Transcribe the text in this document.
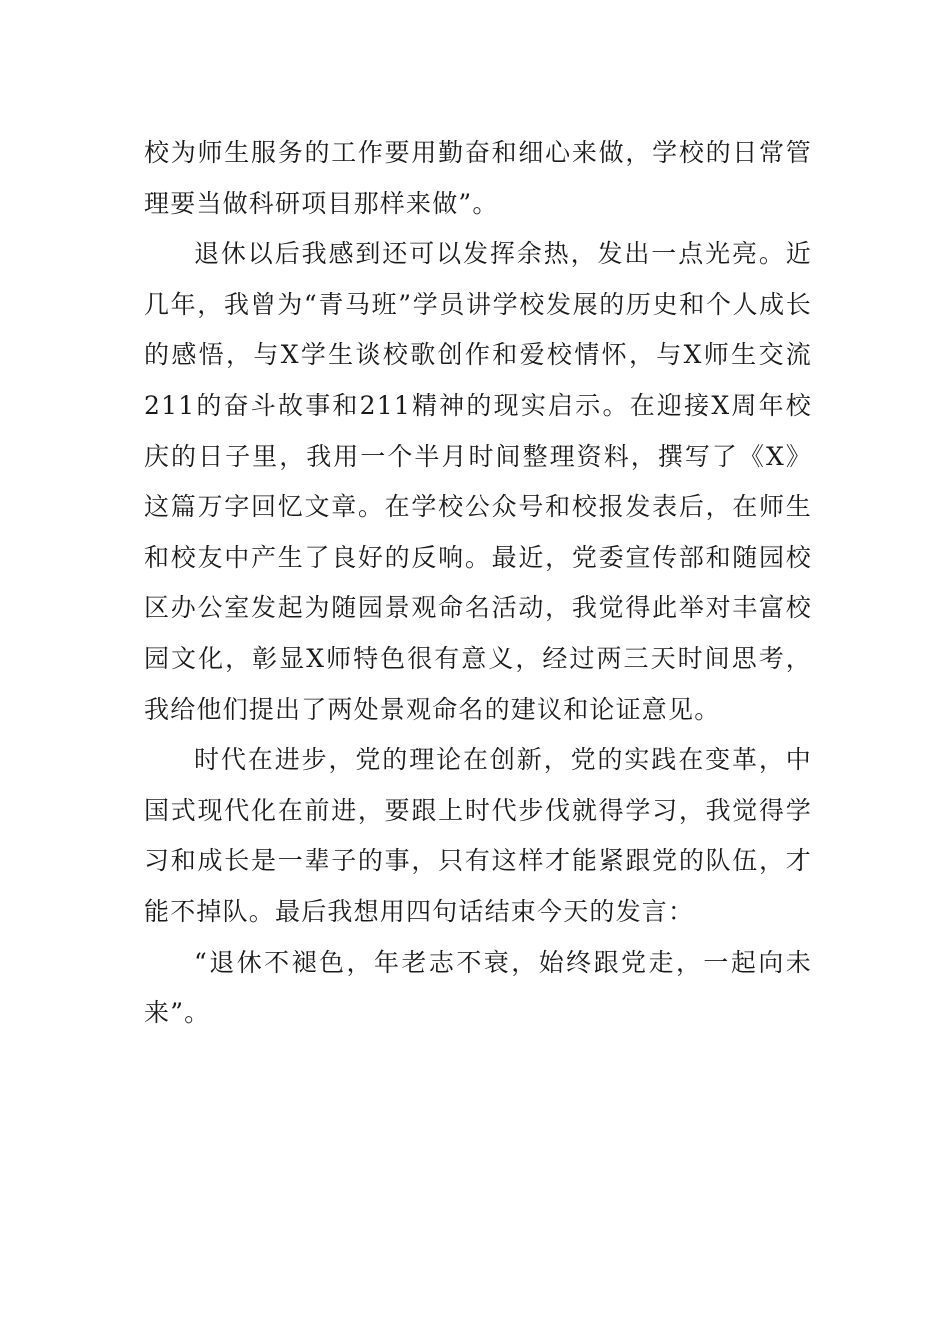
校为师生服务的工作要用勤奋和细心来做，学校的日常管理要当做科研项目那样来做”。

退休以后我感到还可以发挥余热，发出一点光亮。近几年，我曾为“青马班”学员讲学校发展的历史和个人成长的感悟，与X学生谈校歌创作和爱校情怀，与X师生交流211的奋斗故事和211精神的现实启示。在迎接X周年校庆的日子里，我用一个半月时间整理资料，撰写了《X》这篇万字回忆文章。在学校公众号和校报发表后，在师生和校友中产生了良好的反响。最近，党委宣传部和随园校区办公室发起为随园景观命名活动，我觉得此举对丰富校园文化，彰显X师特色很有意义，经过两三天时间思考，我给他们提出了两处景观命名的建议和论证意见。

时代在进步，党的理论在创新，党的实践在变革，中国式现代化在前进，要跟上时代步伐就得学习，我觉得学习和成长是一辈子的事，只有这样才能紧跟党的队伍，才能不掉队。最后我想用四句话结束今天的发言：

“退休不褪色，年老志不衰，始终跟党走，一起向未来”。
